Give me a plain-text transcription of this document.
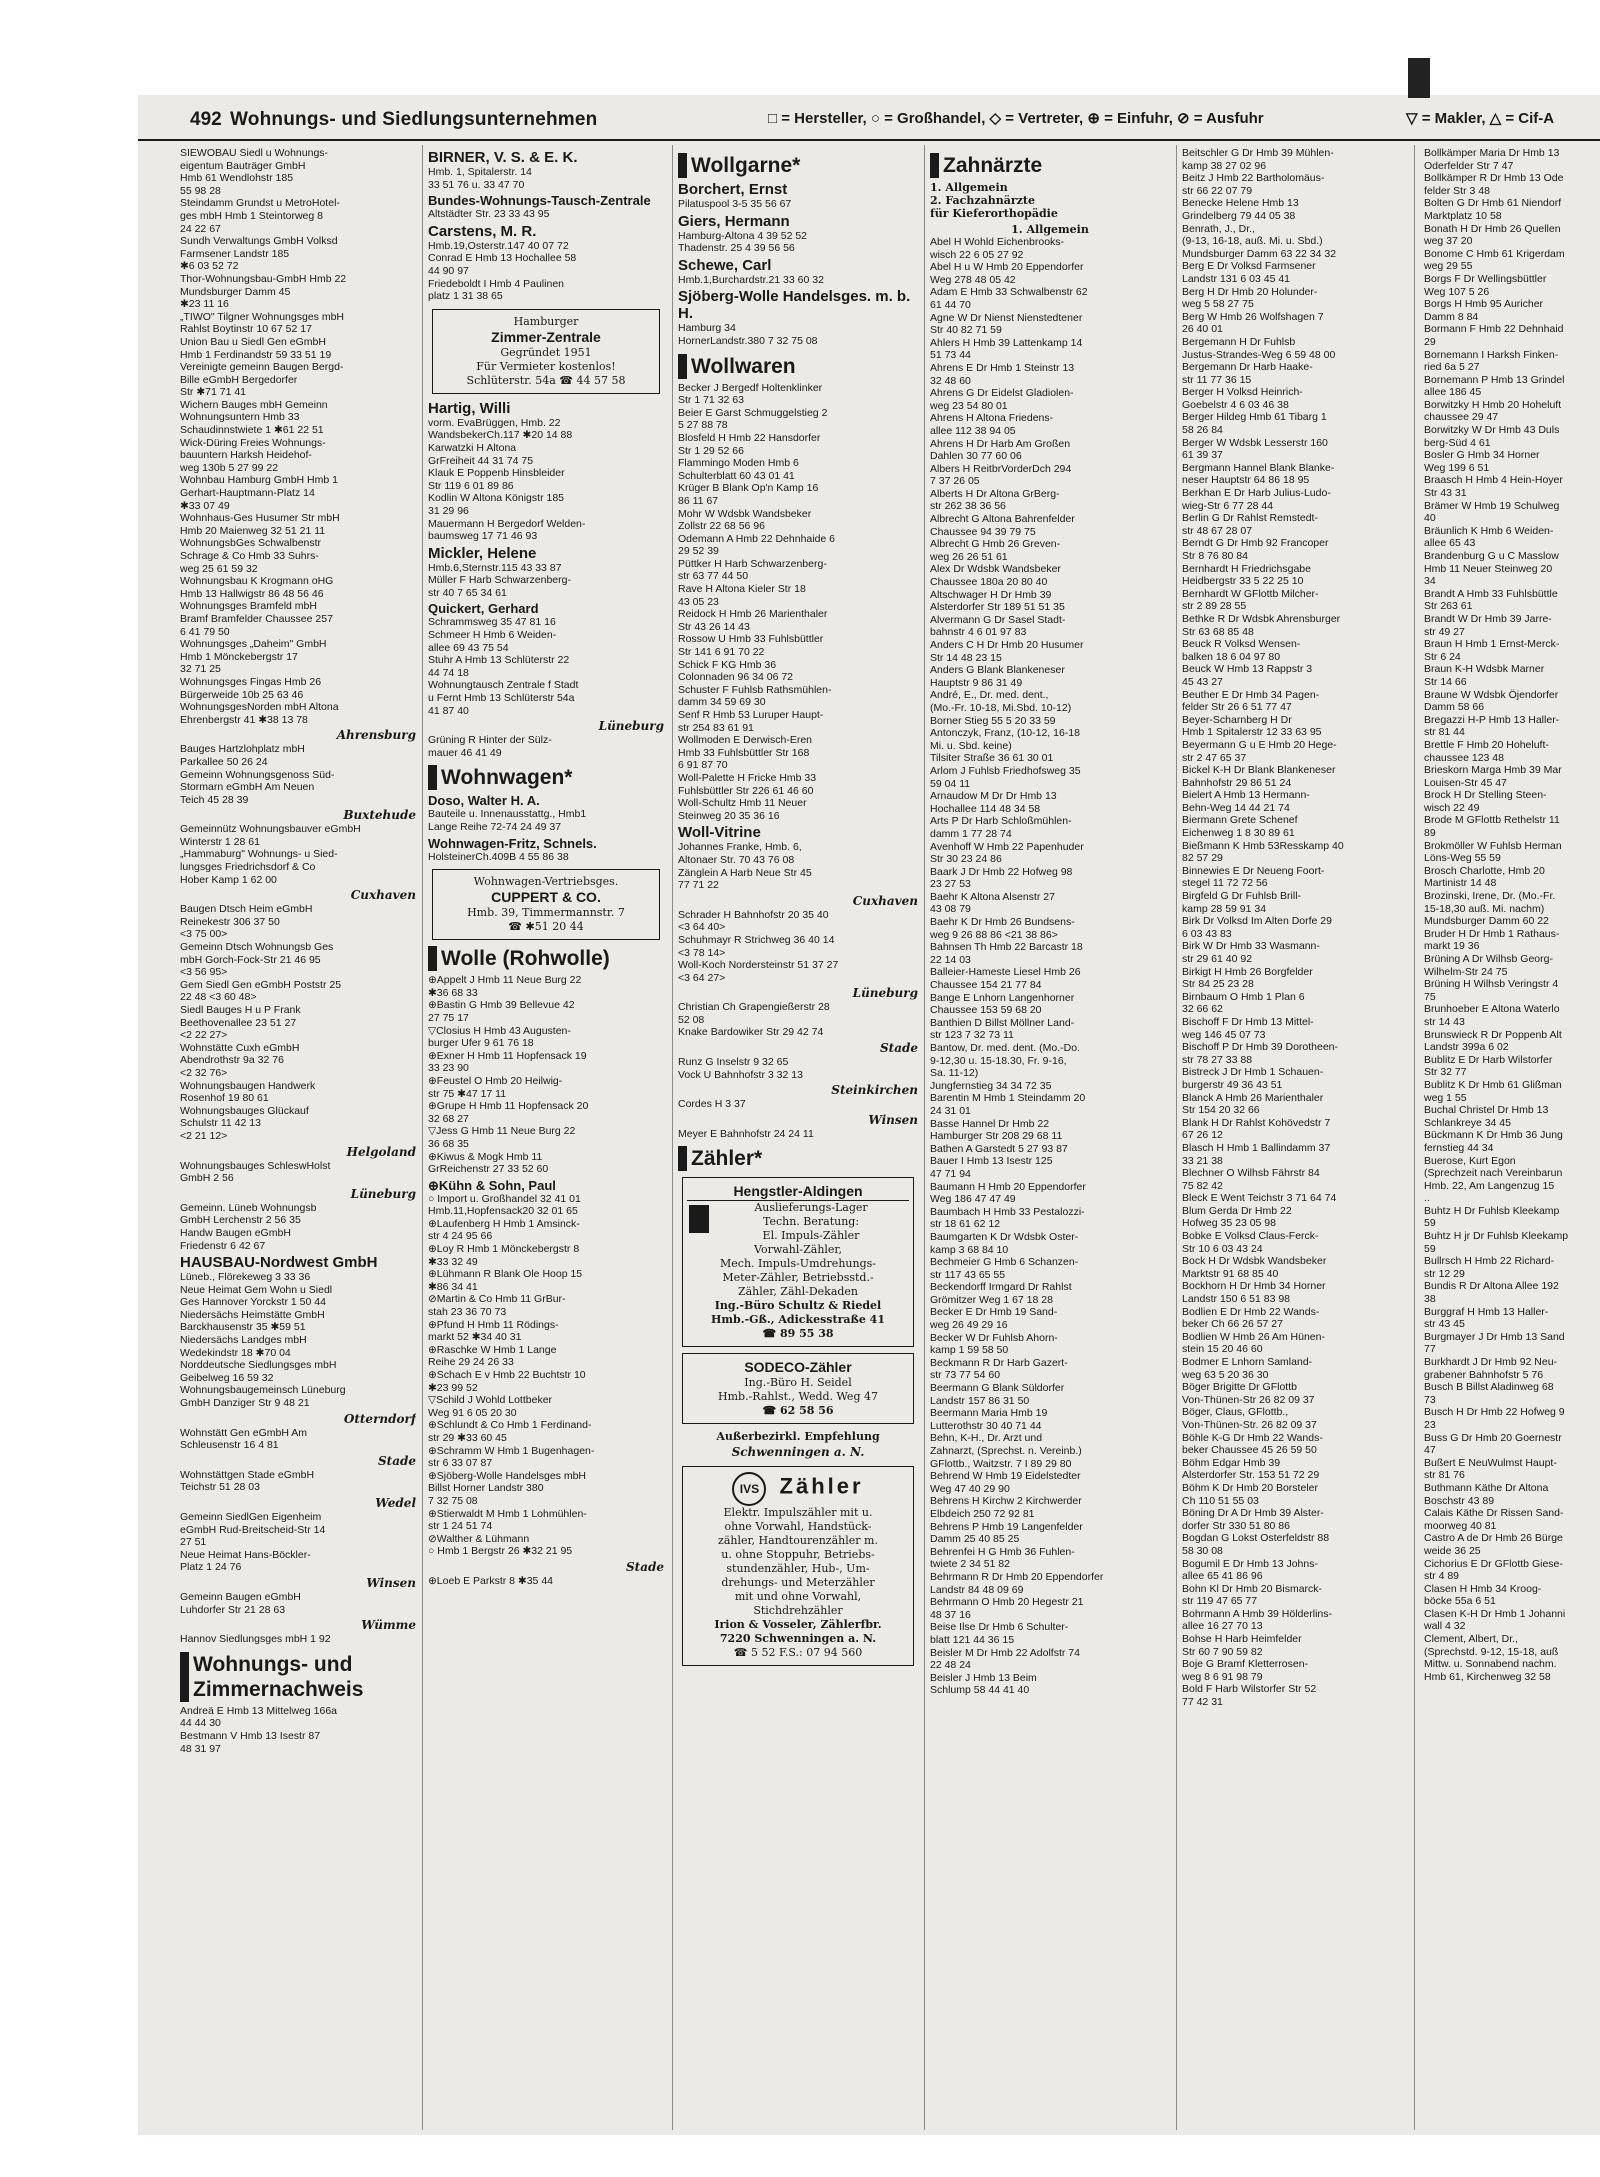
492 Wohnungs- und Siedlungsunternehmen	□ = Hersteller, ○ = Großhandel, ◇ = Vertreter, ⊕ = Einfuhr, ⊘ = Ausfuhr	▽ = Makler, △ = Cif-A
SIEWOBAU Siedl u Wohnungs-
eigentum Bauträger GmbH
Hmb 61 Wendlohstr 185
55 98 28
Steindamm Grundst u MetroHotel-
ges mbH Hmb 1 Steintorweg 8
24 22 67
Sundh Verwaltungs GmbH Volksd
Farmsener Landstr 185
✱6 03 52 72
Thor-Wohnungsbau-GmbH Hmb 22
Mundsburger Damm 45
✱23 11 16
„TIWO" Tilgner Wohnungsges mbH
Rahlst Boytinstr 10 67 52 17
Union Bau u Siedl Gen eGmbH
Hmb 1 Ferdinandstr 59 33 51 19
Vereinigte gemeinn Baugen Bergd-
Bille eGmbH Bergedorfer
Str ✱71 71 41
Wichern Bauges mbH Gemeinn
Wohnungsuntern Hmb 33
Schaudinnstwiete 1 ✱61 22 51
Wick-Düring Freies Wohnungs-
bauuntern Harksh Heidehof-
weg 130b 5 27 99 22
Wohnbau Hamburg GmbH Hmb 1
Gerhart-Hauptmann-Platz 14
✱33 07 49
Wohnhaus-Ges Husumer Str mbH
Hmb 20 Maienweg 32 51 21 11
WohnungsbGes Schwalbenstr
Schrage & Co Hmb 33 Suhrs-
weg 25 61 59 32
Wohnungsbau K Krogmann oHG
Hmb 13 Hallwigstr 86 48 56 46
Wohnungsges Bramfeld mbH
Bramf Bramfelder Chaussee 257
6 41 79 50
Wohnungsges „Daheim" GmbH
Hmb 1 Mönckebergstr 17
32 71 25
Wohnungsges Fingas Hmb 26
Bürgerweide 10b 25 63 46
WohnungsgesNorden mbH Altona
Ehrenbergstr 41 ✱38 13 78
Ahrensburg
Bauges Hartzlohplatz mbH
Parkallee 50 26 24
Gemeinn Wohnungsgenoss Süd-
Stormarn eGmbH Am Neuen
Teich 45 28 39
Buxtehude
Gemeinnütz Wohnungsbauver eGmbH
Winterstr 1 28 61
„Hammaburg" Wohnungs- u Sied-
lungsges Friedrichsdorf & Co
Hober Kamp 1 62 00
Cuxhaven
Baugen Dtsch Heim eGmbH
Reinekestr 306 37 50
<3 75 00>
Gemeinn Dtsch Wohnungsb Ges
mbH Gorch-Fock-Str 21 46 95
<3 56 95>
Gem Siedl Gen eGmbH Poststr 25
22 48 <3 60 48>
Siedl Bauges H u P Frank
Beethovenallee 23 51 27
<2 22 27>
Wohnstätte Cuxh eGmbH
Abendrothstr 9a 32 76
<2 32 76>
Wohnungsbaugen Handwerk
Rosenhof 19 80 61
Wohnungsbauges Glückauf
Schulstr 11 42 13
<2 21 12>
Helgoland
Wohnungsbauges SchleswHolst
GmbH 2 56
Lüneburg
Gemeinn. Lüneb Wohnungsb
GmbH Lerchenstr 2 56 35
Handw Baugen eGmbH
Friedenstr 6 42 67
HAUSBAU-Nordwest GmbH
Lüneb., Flörekeweg 3 33 36
Neue Heimat Gem Wohn u Siedl
Ges Hannover Yorckstr 1 50 44
Niedersächs Heimstätte GmbH
Barckhausenstr 35 ✱59 51
Niedersächs Landges mbH
Wedekindstr 18 ✱70 04
Norddeutsche Siedlungsges mbH
Geibelweg 16 59 32
Wohnungsbaugemeinsch Lüneburg
GmbH Danziger Str 9 48 21
Otterndorf
Wohnstätt Gen eGmbH Am
Schleusenstr 16 4 81
Stade
Wohnstättgen Stade eGmbH
Teichstr 51 28 03
Wedel
Gemeinn SiedlGen Eigenheim
eGmbH Rud-Breitscheid-Str 14
27 51
Neue Heimat Hans-Böckler-
Platz 1 24 76
Winsen
Gemeinn Baugen eGmbH
Luhdorfer Str 21 28 63
Wümme
Hannov Siedlungsges mbH 1 92
Wohnungs- und Zimmernachweis
Andreä E Hmb 13 Mittelweg 166a
44 44 30
Bestmann V Hmb 13 Isestr 87
48 31 97
BIRNER, V. S. & E. K.
Hmb. 1, Spitalerstr. 14
33 51 76 u. 33 47 70
Bundes-Wohnungs-Tausch-Zentrale
Altstädter Str. 23 33 43 95
Carstens, M. R.
Hmb.19,Osterstr.147 40 07 72
Conrad E Hmb 13 Hochallee 58
44 90 97
Friedeboldt I Hmb 4 Paulinen
platz 1 31 38 65
Hamburger
Zimmer-Zentrale
Gegründet 1951
Für Vermieter kostenlos!
Schlüterstr. 54a ☎ 44 57 58
Hartig, Willi
vorm. EvaBrüggen, Hmb. 22
WandsbekerCh.117 ✱20 14 88
Karwatzki H Altona
GrFreiheit 44 31 74 75
Klauk E Poppenb Hinsbleider
Str 119 6 01 89 86
Kodlin W Altona Königstr 185
31 29 96
Mauermann H Bergedorf Welden-
baumsweg 17 71 46 93
Mickler, Helene
Hmb.6,Sternstr.115 43 33 87
Müller F Harb Schwarzenberg-
str 40 7 65 34 61
Quickert, Gerhard
Schrammsweg 35 47 81 16
Schmeer H Hmb 6 Weiden-
allee 69 43 75 54
Stuhr A Hmb 13 Schlüterstr 22
44 74 18
Wohnungtausch Zentrale f Stadt
u Fernt Hmb 13 Schlüterstr 54a
41 87 40
Lüneburg
Grüning R Hinter der Sülz-
mauer 46 41 49
Wohnwagen*
Doso, Walter H. A.
Bauteile u. Innenausstattg., Hmb1
Lange Reihe 72-74 24 49 37
Wohnwagen-Fritz, Schnels.
HolsteinerCh.409B 4 55 86 38
Wohnwagen-Vertriebsges.
CUPPERT & CO.
Hmb. 39, Timmermannstr. 7
☎ ✱51 20 44
Wolle (Rohwolle)
⊕Appelt J Hmb 11 Neue Burg 22
✱36 68 33
⊕Bastin G Hmb 39 Bellevue 42
27 75 17
▽Closius H Hmb 43 Augusten-
burger Ufer 9 61 76 18
⊕Exner H Hmb 11 Hopfensack 19
33 23 90
⊕Feustel O Hmb 20 Heilwig-
str 75 ✱47 17 11
⊕Grupe H Hmb 11 Hopfensack 20
32 68 27
▽Jess G Hmb 11 Neue Burg 22
36 68 35
⊕Kiwus & Mogk Hmb 11
GrReichenstr 27 33 52 60
⊕Kühn & Sohn, Paul
○ Import u. Großhandel 32 41 01
Hmb.11,Hopfensack20 32 01 65
⊕Laufenberg H Hmb 1 Amsinck-
str 4 24 95 66
⊕Loy R Hmb 1 Mönckebergstr 8
✱33 32 49
⊕Lühmann R Blank Ole Hoop 15
✱86 34 41
⊘Martin & Co Hmb 11 GrBur-
stah 23 36 70 73
⊕Pfund H Hmb 11 Rödings-
markt 52 ✱34 40 31
⊕Raschke W Hmb 1 Lange
Reihe 29 24 26 33
⊕Schach E v Hmb 22 Buchtstr 10
✱23 99 52
▽Schild J Wohld Lottbeker
Weg 91 6 05 20 30
⊕Schlundt & Co Hmb 1 Ferdinand-
str 29 ✱33 60 45
⊕Schramm W Hmb 1 Bugenhagen-
str 6 33 07 87
⊕Sjöberg-Wolle Handelsges mbH
Billst Horner Landstr 380
7 32 75 08
⊕Stierwaldt M Hmb 1 Lohmühlen-
str 1 24 51 74
⊘Walther & Lühmann
○ Hmb 1 Bergstr 26 ✱32 21 95
Stade
⊕Loeb E Parkstr 8 ✱35 44
Wollgarne*
Borchert, Ernst
Pilatuspool 3-5 35 56 67
Giers, Hermann
Hamburg-Altona 4 39 52 52
Thadenstr. 25 4 39 56 56
Schewe, Carl
Hmb.1,Burchardstr.21 33 60 32
Sjöberg-Wolle Handelsges. m. b. H.
Hamburg 34
HornerLandstr.380 7 32 75 08
Wollwaren
Becker J Bergedf Holtenklinker
Str 1 71 32 63
Beier E Garst Schmuggelstieg 2
5 27 88 78
Blosfeld H Hmb 22 Hansdorfer
Str 1 29 52 66
Flammingo Moden Hmb 6
Schulterblatt 60 43 01 41
Krüger B Blank Op'n Kamp 16
86 11 67
Mohr W Wdsbk Wandsbeker
Zollstr 22 68 56 96
Odemann A Hmb 22 Dehnhaide 6
29 52 39
Püttker H Harb Schwarzenberg-
str 63 77 44 50
Rave H Altona Kieler Str 18
43 05 23
Reidock H Hmb 26 Marienthaler
Str 43 26 14 43
Rossow U Hmb 33 Fuhlsbüttler
Str 141 6 91 70 22
Schick F KG Hmb 36
Colonnaden 96 34 06 72
Schuster F Fuhlsb Rathsmühlen-
damm 34 59 69 30
Senf R Hmb 53 Luruper Haupt-
str 254 83 61 91
Wollmoden E Derwisch-Eren
Hmb 33 Fuhlsbüttler Str 168
6 91 87 70
Woll-Palette H Fricke Hmb 33
Fuhlsbüttler Str 226 61 46 60
Woll-Schultz Hmb 11 Neuer
Steinweg 20 35 36 16
Woll-Vitrine
Johannes Franke, Hmb. 6,
Altonaer Str. 70 43 76 08
Zänglein A Harb Neue Str 45
77 71 22
Cuxhaven
Schrader H Bahnhofstr 20 35 40
<3 64 40>
Schuhmayr R Strichweg 36 40 14
<3 78 14>
Woll-Koch Nordersteinstr 51 37 27
<3 64 27>
Lüneburg
Christian Ch Grapengießerstr 28
52 08
Knake Bardowiker Str 29 42 74
Stade
Runz G Inselstr 9 32 65
Vock U Bahnhofstr 3 32 13
Steinkirchen
Cordes H 3 37
Winsen
Meyer E Bahnhofstr 24 24 11
Zähler*
Hengstler-Aldingen
Auslieferungs-Lager
Techn. Beratung:
El. Impuls-Zähler
Vorwahl-Zähler,
Mech. Impuls-Umdrehungs-
Meter-Zähler, Betriebsstd.-
Zähler, Zähl-Dekaden
Ing.-Büro Schultz & Riedel
Hmb.-Gß., Adickesstraße 41
☎ 89 55 38
SODECO-Zähler
Ing.-Büro H. Seidel
Hmb.-Rahlst., Wedd. Weg 47
☎ 62 58 56
Außerbezirkl. Empfehlung
Schwenningen a. N.
IVS Zähler
Elektr. Impulszähler mit u.
ohne Vorwahl, Handstück-
zähler, Handtourenzähler m.
u. ohne Stoppuhr, Betriebs-
stundenzähler, Hub-, Um-
drehungs- und Meterzähler
mit und ohne Vorwahl,
Stichdrehzähler
Irion & Vosseler, Zählerfbr.
7220 Schwenningen a. N.
☎ 5 52 F.S.: 07 94 560
Zahnärzte
1. Allgemein
2. Fachzahnärzte
für Kieferorthopädie
1. Allgemein
Abel H Wohld Eichenbrooks-
wisch 22 6 05 27 92
Abel H u W Hmb 20 Eppendorfer
Weg 278 48 05 42
Adam E Hmb 33 Schwalbenstr 62
61 44 70
Agne W Dr Nienst Nienstedtener
Str 40 82 71 59
Ahlers H Hmb 39 Lattenkamp 14
51 73 44
Ahrens E Dr Hmb 1 Steinstr 13
32 48 60
Ahrens G Dr Eidelst Gladiolen-
weg 23 54 80 01
Ahrens H Altona Friedens-
allee 112 38 94 05
Ahrens H Dr Harb Am Großen
Dahlen 30 77 60 06
Albers H ReitbrVorderDch 294
7 37 26 05
Alberts H Dr Altona GrBerg-
str 262 38 36 56
Albrecht G Altona Bahrenfelder
Chaussee 94 39 79 75
Albrecht G Hmb 26 Greven-
weg 26 26 51 61
Alex Dr Wdsbk Wandsbeker
Chaussee 180a 20 80 40
Altschwager H Dr Hmb 39
Alsterdorfer Str 189 51 51 35
Alvermann G Dr Sasel Stadt-
bahnstr 4 6 01 97 83
Anders C H Dr Hmb 20 Husumer
Str 14 48 23 15
Anders G Blank Blankeneser
Hauptstr 9 86 31 49
André, E., Dr. med. dent.,
(Mo.-Fr. 10-18, Mi.Sbd. 10-12)
Borner Stieg 55 5 20 33 59
Antonczyk, Franz, (10-12, 16-18
Mi. u. Sbd. keine)
Tilsiter Straße 36 61 30 01
Arlom J Fuhlsb Friedhofsweg 35
59 04 11
Arnaudow M Dr Dr Hmb 13
Hochallee 114 48 34 58
Arts P Dr Harb Schloßmühlen-
damm 1 77 28 74
Avenhoff W Hmb 22 Papenhuder
Str 30 23 24 86
Baark J Dr Hmb 22 Hofweg 98
23 27 53
Baehr K Altona Alsenstr 27
43 08 79
Baehr K Dr Hmb 26 Bundsens-
weg 9 26 88 86 <21 38 86>
Bahnsen Th Hmb 22 Barcastr 18
22 14 03
Balleier-Hameste Liesel Hmb 26
Chaussee 154 21 77 84
Bange E Lnhorn Langenhorner
Chaussee 153 59 68 20
Banthien D Billst Möllner Land-
str 123 7 32 73 11
Bantow, Dr. med. dent. (Mo.-Do.
9-12,30 u. 15-18.30, Fr. 9-16,
Sa. 11-12)
Jungfernstieg 34 34 72 35
Barentin M Hmb 1 Steindamm 20
24 31 01
Basse Hannel Dr Hmb 22
Hamburger Str 208 29 68 11
Bathen A Garstedt 5 27 93 87
Bauer I Hmb 13 Isestr 125
47 71 94
Baumann H Hmb 20 Eppendorfer
Weg 186 47 47 49
Baumbach H Hmb 33 Pestalozzi-
str 18 61 62 12
Baumgarten K Dr Wdsbk Oster-
kamp 3 68 84 10
Bechmeier G Hmb 6 Schanzen-
str 117 43 65 55
Beckendorff Irmgard Dr Rahlst
Grömitzer Weg 1 67 18 28
Becker E Dr Hmb 19 Sand-
weg 26 49 29 16
Becker W Dr Fuhlsb Ahorn-
kamp 1 59 58 50
Beckmann R Dr Harb Gazert-
str 73 77 54 60
Beermann G Blank Süldorfer
Landstr 157 86 31 50
Beermann Maria Hmb 19
Lutterothstr 30 40 71 44
Behn, K-H., Dr. Arzt und
Zahnarzt, (Sprechst. n. Vereinb.)
GFlottb., Waitzstr. 7 I 89 29 80
Behrend W Hmb 19 Eidelstedter
Weg 47 40 29 90
Behrens H Kirchw 2 Kirchwerder
Elbdeich 250 72 92 81
Behrens P Hmb 19 Langenfelder
Damm 25 40 85 25
Behrenfei H G Hmb 36 Fuhlen-
twiete 2 34 51 82
Behrmann R Dr Hmb 20 Eppendorfer
Landstr 84 48 09 69
Behrmann O Hmb 20 Hegestr 21
48 37 16
Beise Ilse Dr Hmb 6 Schulter-
blatt 121 44 36 15
Beisler M Dr Hmb 22 Adolfstr 74
22 48 24
Beisler J Hmb 13 Beim
Schlump 58 44 41 40
Beitschler G Dr Hmb 39 Mühlen-
kamp 38 27 02 96
Beitz J Hmb 22 Bartholomäus-
str 66 22 07 79
Benecke Helene Hmb 13
Grindelberg 79 44 05 38
Benrath, J., Dr.,
(9-13, 16-18, auß. Mi. u. Sbd.)
Mundsburger Damm 63 22 34 32
Berg E Dr Volksd Farmsener
Landstr 131 6 03 45 41
Berg H Dr Hmb 20 Holunder-
weg 5 58 27 75
Berg W Hmb 26 Wolfshagen 7
26 40 01
Bergemann H Dr Fuhlsb
Justus-Strandes-Weg 6 59 48 00
Bergemann Dr Harb Haake-
str 11 77 36 15
Berger H Volksd Heinrich-
Goebelstr 4 6 03 46 38
Berger Hildeg Hmb 61 Tibarg 1
58 26 84
Berger W Wdsbk Lesserstr 160
61 39 37
Bergmann Hannel Blank Blanke-
neser Hauptstr 64 86 18 95
Berkhan E Dr Harb Julius-Ludo-
wieg-Str 6 77 28 44
Berlin G Dr Rahlst Remstedt-
str 48 67 28 07
Berndt G Dr Hmb 92 Francoper
Str 8 76 80 84
Bernhardt H Friedrichsgabe
Heidbergstr 33 5 22 25 10
Bernhardt W GFlottb Milcher-
str 2 89 28 55
Bethke R Dr Wdsbk Ahrensburger
Str 63 68 85 48
Beuck R Volksd Wensen-
balken 18 6 04 97 80
Beuck W Hmb 13 Rappstr 3
45 43 27
Beuther E Dr Hmb 34 Pagen-
felder Str 26 6 51 77 47
Beyer-Scharnberg H Dr
Hmb 1 Spitalerstr 12 33 63 95
Beyermann G u E Hmb 20 Hege-
str 2 47 65 37
Bickel K-H Dr Blank Blankeneser
Bahnhofstr 29 86 51 24
Bielert A Hmb 13 Hermann-
Behn-Weg 14 44 21 74
Biermann Grete Schenef
Eichenweg 1 8 30 89 61
Bießmann K Hmb 53Resskamp 40
82 57 29
Binnewies E Dr Neueng Foort-
stegel 11 72 72 56
Birgfeld G Dr Fuhlsb Brill-
kamp 28 59 91 34
Birk Dr Volksd Im Alten Dorfe 29
6 03 43 83
Birk W Dr Hmb 33 Wasmann-
str 29 61 40 92
Birkigt H Hmb 26 Borgfelder
Str 84 25 23 28
Birnbaum O Hmb 1 Plan 6
32 66 62
Bischoff F Dr Hmb 13 Mittel-
weg 146 45 07 73
Bischoff P Dr Hmb 39 Dorotheen-
str 78 27 33 88
Bistreck J Dr Hmb 1 Schauen-
burgerstr 49 36 43 51
Blanck A Hmb 26 Marienthaler
Str 154 20 32 66
Blank H Dr Rahlst Kohövedstr 7
67 26 12
Blasch H Hmb 1 Ballindamm 37
33 21 38
Blechner O Wilhsb Fährstr 84
75 82 42
Bleck E Went Teichstr 3 71 64 74
Blum Gerda Dr Hmb 22
Hofweg 35 23 05 98
Bobke E Volksd Claus-Ferck-
Str 10 6 03 43 24
Bock H Dr Wdsbk Wandsbeker
Marktstr 91 68 85 40
Bockhorn H Dr Hmb 34 Horner
Landstr 150 6 51 83 98
Bodlien E Dr Hmb 22 Wands-
beker Ch 66 26 57 27
Bodlien W Hmb 26 Am Hünen-
stein 15 20 46 60
Bodmer E Lnhorn Samland-
weg 63 5 20 36 30
Böger Brigitte Dr GFlottb
Von-Thünen-Str 26 82 09 37
Böger, Claus, GFlottb.,
Von-Thünen-Str. 26 82 09 37
Böhle K-G Dr Hmb 22 Wands-
beker Chaussee 45 26 59 50
Böhm Edgar Hmb 39
Alsterdorfer Str. 153 51 72 29
Böhm K Dr Hmb 20 Borsteler
Ch 110 51 55 03
Böning Dr A Dr Hmb 39 Alster-
dorfer Str 330 51 80 86
Bogdan G Lokst Osterfeldstr 88
58 30 08
Bogumil E Dr Hmb 13 Johns-
allee 65 41 86 96
Bohn Kl Dr Hmb 20 Bismarck-
str 119 47 65 77
Bohrmann A Hmb 39 Hölderlins-
allee 16 27 70 13
Bohse H Harb Heimfelder
Str 60 7 90 59 82
Boje G Bramf Kletterrosen-
weg 8 6 91 98 79
Bold F Harb Wilstorfer Str 52
77 42 31
Bollkämper Maria Dr Hmb 13
Oderfelder Str 7 47
Bollkämper R Dr Hmb 13 Ode
felder Str 3 48
Bolten G Dr Hmb 61 Niendorf
Marktplatz 10 58
Bonath H Dr Hmb 26 Quellen
weg 37 20
Bonome C Hmb 61 Krigerdam
weg 29 55
Borgs F Dr Wellingsbüttler
Weg 107 5 26
Borgs H Hmb 95 Auricher
Damm 8 84
Bormann F Hmb 22 Dehnhaid
29
Bornemann I Harksh Finken-
ried 6a 5 27
Bornemann P Hmb 13 Grindel
allee 186 45
Borwitzky H Hmb 20 Hoheluft
chaussee 29 47
Borwitzky W Dr Hmb 43 Duls
berg-Süd 4 61
Bosler G Hmb 34 Horner
Weg 199 6 51
Braasch H Hmb 4 Hein-Hoyer
Str 43 31
Brämer W Hmb 19 Schulweg
40
Bräunlich K Hmb 6 Weiden-
allee 65 43
Brandenburg G u C Masslow
Hmb 11 Neuer Steinweg 20
34
Brandt A Hmb 33 Fuhlsbüttle
Str 263 61
Brandt W Dr Hmb 39 Jarre-
str 49 27
Braun H Hmb 1 Ernst-Merck-
Str 6 24
Braun K-H Wdsbk Marner
Str 14 66
Braune W Wdsbk Öjendorfer
Damm 58 66
Bregazzi H-P Hmb 13 Haller-
str 81 44
Brettle F Hmb 20 Hoheluft-
chaussee 123 48
Brieskorn Marga Hmb 39 Mar
Louisen-Str 45 47
Brock H Dr Stelling Steen-
wisch 22 49
Brode M GFlottb Rethelstr 11
89
Brokmöller W Fuhlsb Herman
Löns-Weg 55 59
Brosch Charlotte, Hmb 20
Martinistr 14 48
Brozinski, Irene, Dr. (Mo.-Fr.
15-18,30 auß. Mi. nachm)
Mundsburger Damm 60 22
Bruder H Dr Hmb 1 Rathaus-
markt 19 36
Brüning A Dr Wilhsb Georg-
Wilhelm-Str 24 75
Brüning H Wilhsb Veringstr 4
75
Brunhoeber E Altona Waterlo
str 14 43
Brunswieck R Dr Poppenb Alt
Landstr 399a 6 02
Bublitz E Dr Harb Wilstorfer
Str 32 77
Bublitz K Dr Hmb 61 Glißman
weg 1 55
Buchal Christel Dr Hmb 13
Schlankreye 34 45
Bückmann K Dr Hmb 36 Jung
fernstieg 44 34
Buerose, Kurt Egon
(Sprechzeit nach Vereinbarun
Hmb. 22, Am Langenzug 15
..
Buhtz H Dr Fuhlsb Kleekamp
59
Buhtz H jr Dr Fuhlsb Kleekamp
59
Bullrsch H Hmb 22 Richard-
str 12 29
Bundis R Dr Altona Allee 192
38
Burggraf H Hmb 13 Haller-
str 43 45
Burgmayer J Dr Hmb 13 Sand
77
Burkhardt J Dr Hmb 92 Neu-
grabener Bahnhofstr 5 76
Busch B Billst Aladinweg 68
73
Busch H Dr Hmb 22 Hofweg 9
23
Buss G Dr Hmb 20 Goernestr
47
Bußert E NeuWulmst Haupt-
str 81 76
Buthmann Käthe Dr Altona
Boschstr 43 89
Calais Käthe Dr Rissen Sand-
moorweg 40 81
Castro A de Dr Hmb 26 Bürge
weide 36 25
Cichorius E Dr GFlottb Giese-
str 4 89
Clasen H Hmb 34 Kroog-
böcke 55a 6 51
Clasen K-H Dr Hmb 1 Johanni
wall 4 32
Clement, Albert, Dr.,
(Sprechstd. 9-12, 15-18, auß
Mittw. u. Sonnabend nachm.
Hmb 61, Kirchenweg 32 58
